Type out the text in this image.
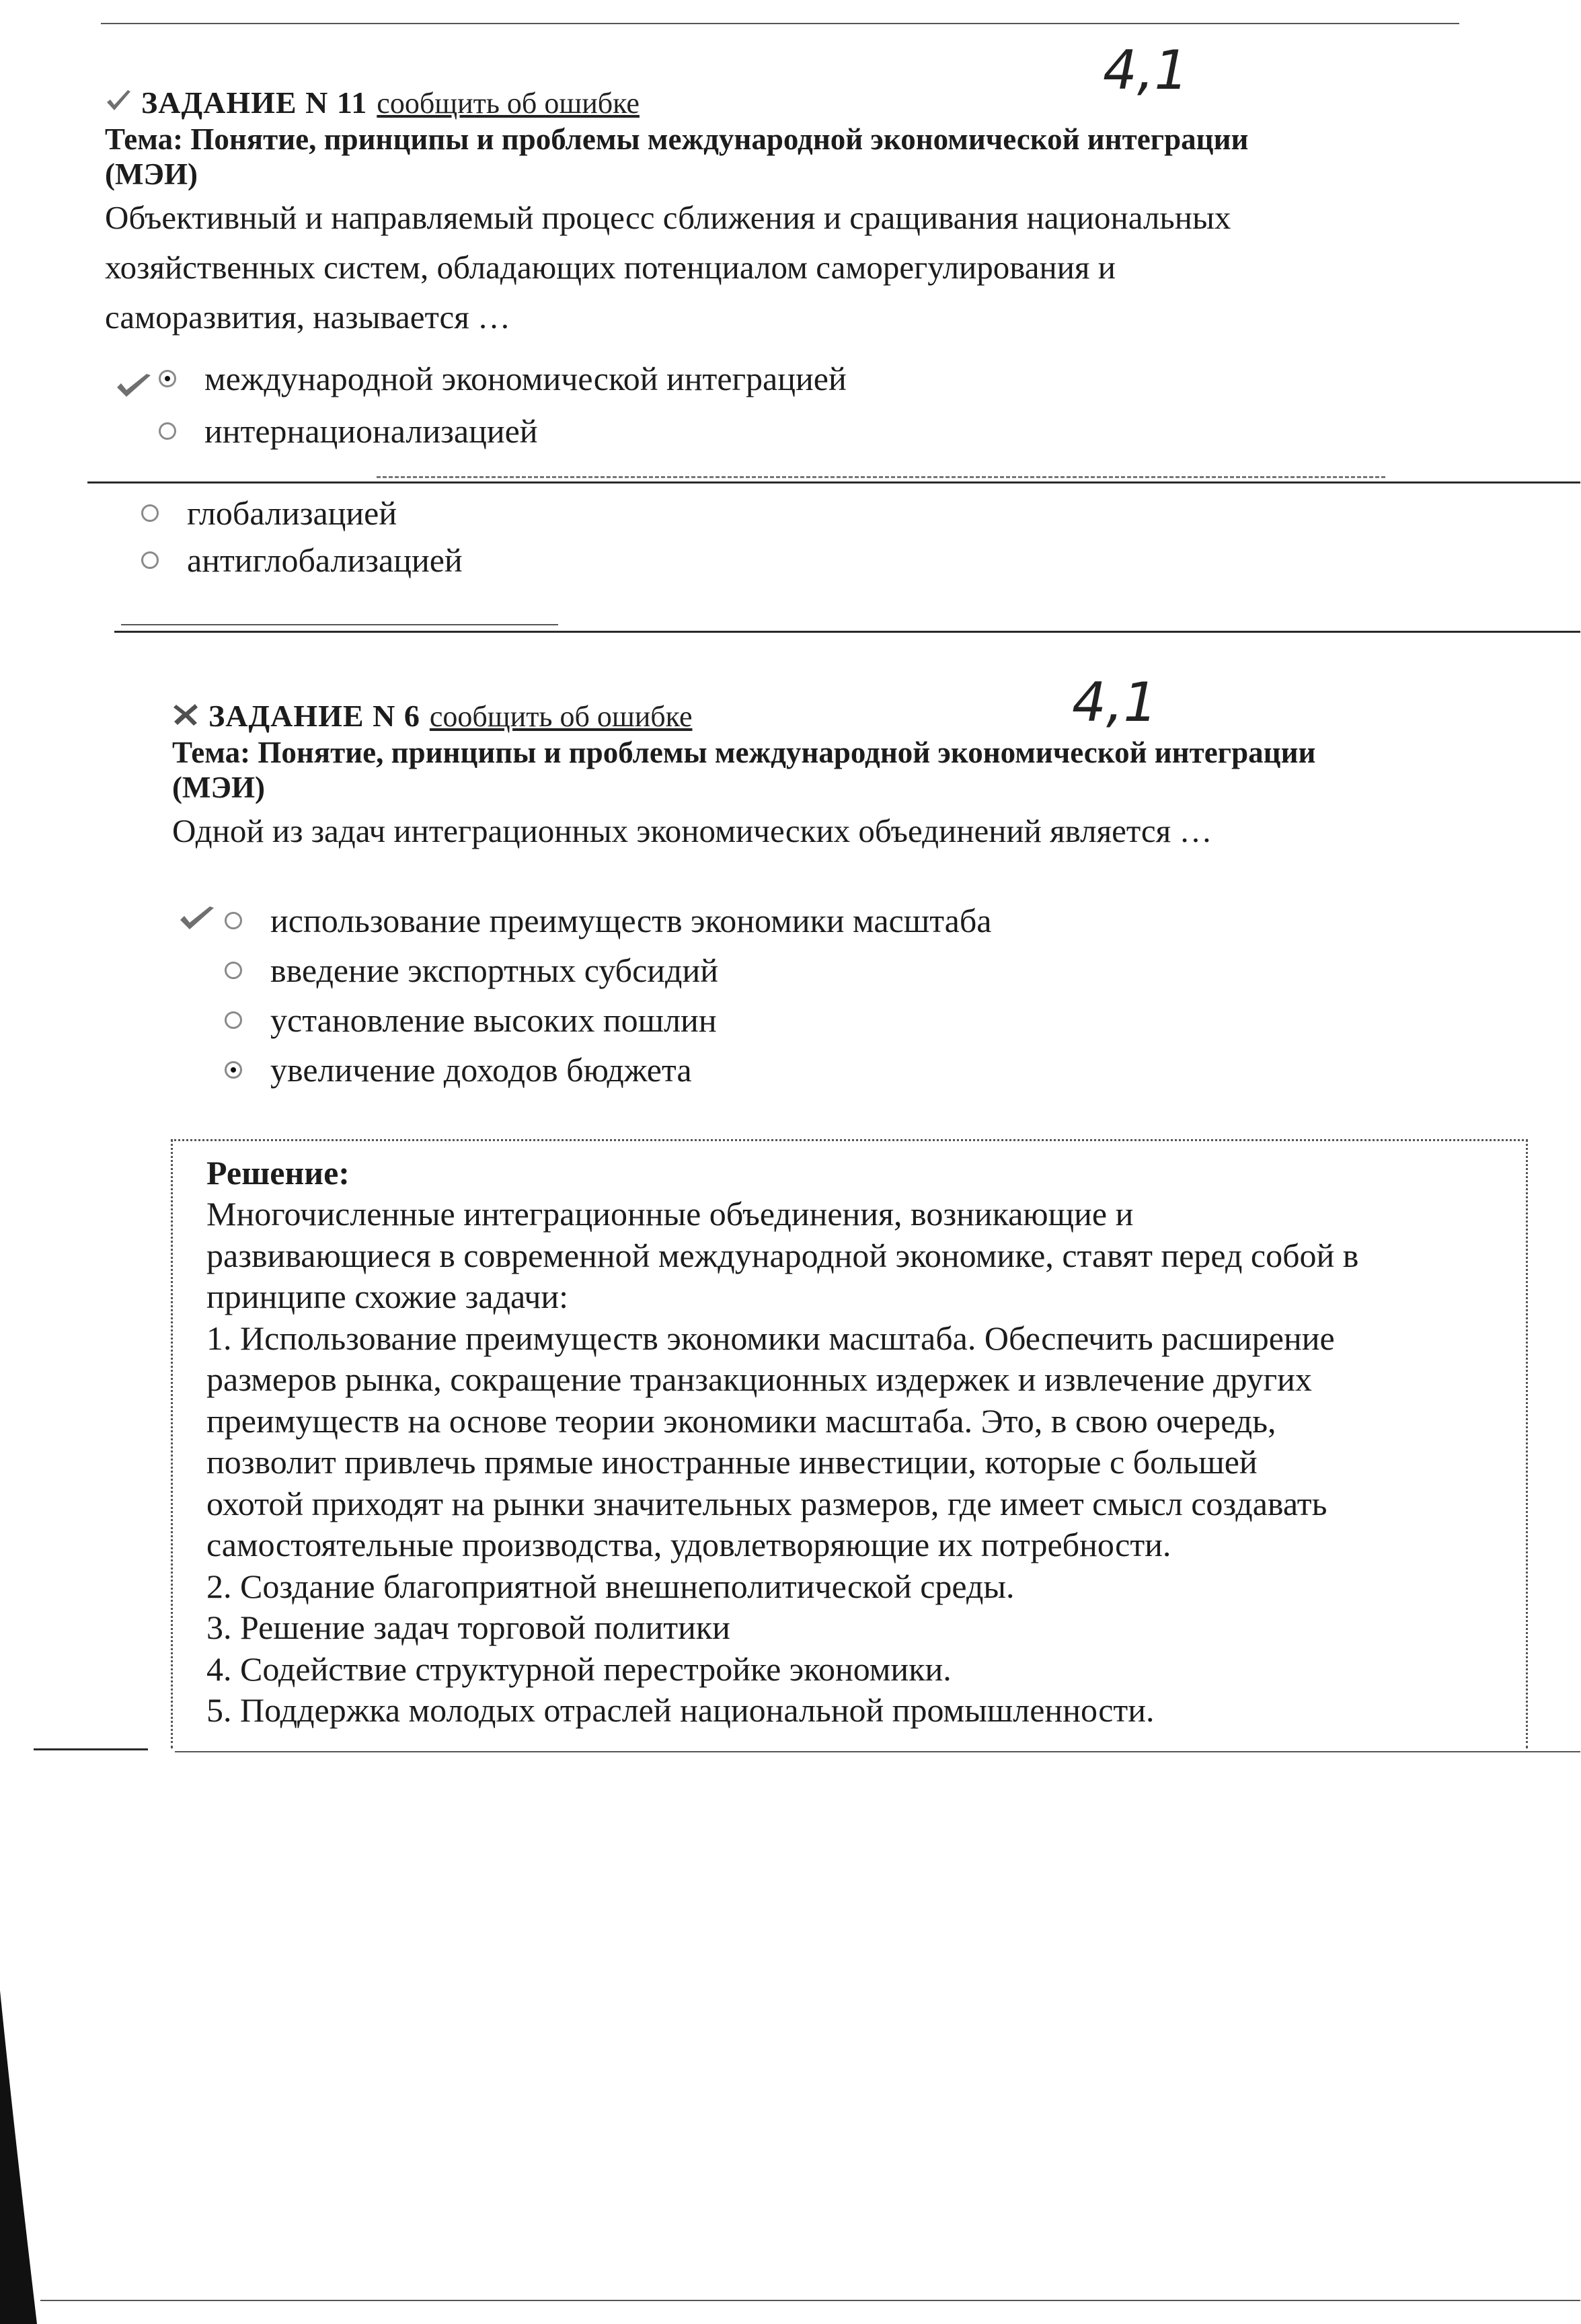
ЗАДАНИЕ N 11 сообщить об ошибке
Тема: Понятие, принципы и проблемы международной экономической интеграции
(МЭИ)
Объективный и направляемый процесс сближения и сращивания национальных
хозяйственных систем, обладающих потенциалом саморегулирования и
саморазвития, называется …
4,1
международной экономической интеграцией
интернационализацией
глобализацией
антиглобализацией
ЗАДАНИЕ N 6 сообщить об ошибке
Тема: Понятие, принципы и проблемы международной экономической интеграции
(МЭИ)
Одной из задач интеграционных экономических объединений является …
4,1
использование преимуществ экономики масштаба
введение экспортных субсидий
установление высоких пошлин
увеличение доходов бюджета
Решение:
Многочисленные интеграционные объединения, возникающие и
развивающиеся в современной международной экономике, ставят перед собой в
принципе схожие задачи:
1. Использование преимуществ экономики масштаба. Обеспечить расширение
размеров рынка, сокращение транзакционных издержек и извлечение других
преимуществ на основе теории экономики масштаба. Это, в свою очередь,
позволит привлечь прямые иностранные инвестиции, которые с большей
охотой приходят на рынки значительных размеров, где имеет смысл создавать
самостоятельные производства, удовлетворяющие их потребности.
2. Создание благоприятной внешнеполитической среды.
3. Решение задач торговой политики
4. Содействие структурной перестройке экономики.
5. Поддержка молодых отраслей национальной промышленности.
